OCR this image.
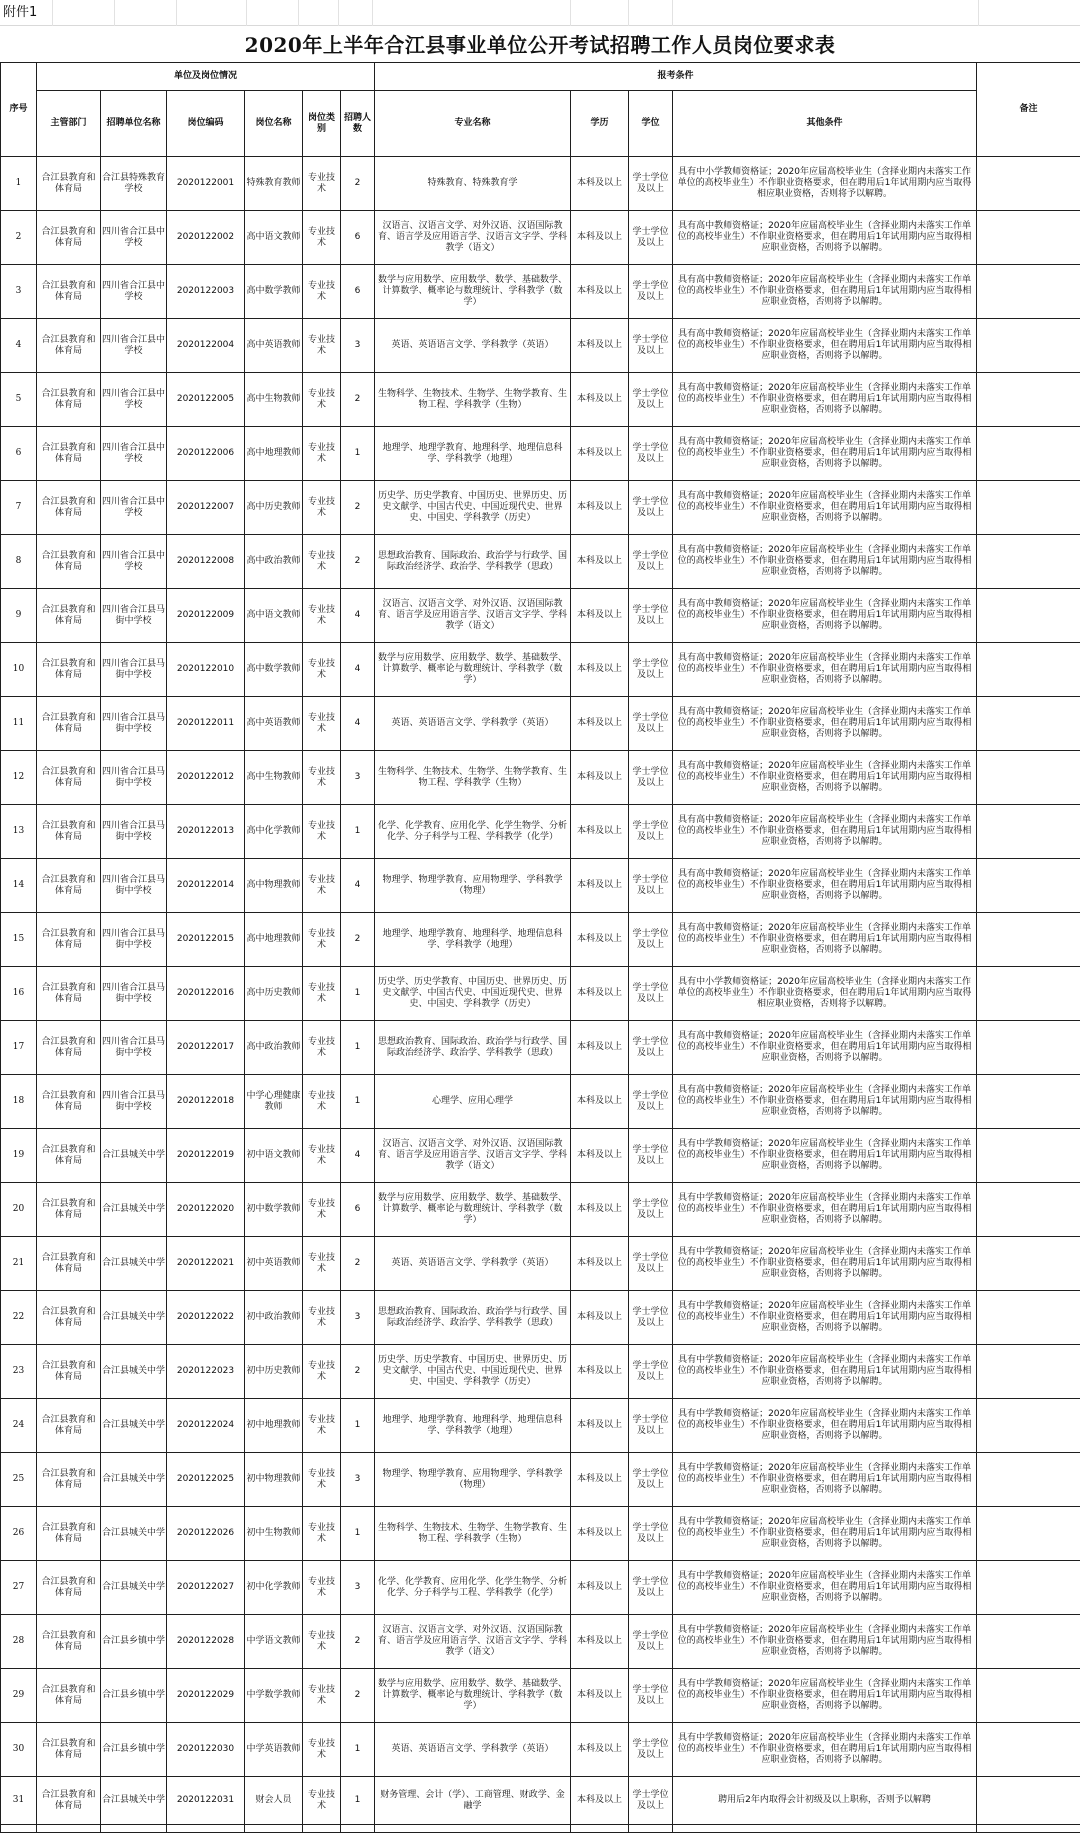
附件1
2020年上半年合江县事业单位公开考试招聘工作人员岗位要求表
序号	单位及岗位情况						报考条件				备注
	主管部门	招聘单位名称	岗位编码	岗位名称	岗位类别	招聘人数	专业名称	学历	学位	其他条件	
1	合江县教育和体育局	合江县特殊教育学校	2020122001	特殊教育教师	专业技术	2	特殊教育、特殊教育学	本科及以上	学士学位及以上	具有中小学教师资格证；2020年应届高校毕业生（含择业期内未落实工作单位的高校毕业生）不作职业资格要求，但在聘用后1年试用期内应当取得相应职业资格，否则将予以解聘。	
2	合江县教育和体育局	四川省合江县中学校	2020122002	高中语文教师	专业技术	6	汉语言、汉语言文学、对外汉语、汉语国际教育、语言学及应用语言学、汉语言文字学、学科教学（语文）	本科及以上	学士学位及以上	具有高中教师资格证；2020年应届高校毕业生（含择业期内未落实工作单位的高校毕业生）不作职业资格要求，但在聘用后1年试用期内应当取得相应职业资格，否则将予以解聘。	
3	合江县教育和体育局	四川省合江县中学校	2020122003	高中数学教师	专业技术	6	数学与应用数学、应用数学、数学、基础数学、计算数学、概率论与数理统计、学科教学（数学）	本科及以上	学士学位及以上	具有高中教师资格证；2020年应届高校毕业生（含择业期内未落实工作单位的高校毕业生）不作职业资格要求，但在聘用后1年试用期内应当取得相应职业资格，否则将予以解聘。	
4	合江县教育和体育局	四川省合江县中学校	2020122004	高中英语教师	专业技术	3	英语、英语语言文学、学科教学（英语）	本科及以上	学士学位及以上	具有高中教师资格证；2020年应届高校毕业生（含择业期内未落实工作单位的高校毕业生）不作职业资格要求，但在聘用后1年试用期内应当取得相应职业资格，否则将予以解聘。	
5	合江县教育和体育局	四川省合江县中学校	2020122005	高中生物教师	专业技术	2	生物科学、生物技术、生物学、生物学教育、生物工程、学科教学（生物）	本科及以上	学士学位及以上	具有高中教师资格证；2020年应届高校毕业生（含择业期内未落实工作单位的高校毕业生）不作职业资格要求，但在聘用后1年试用期内应当取得相应职业资格，否则将予以解聘。	
6	合江县教育和体育局	四川省合江县中学校	2020122006	高中地理教师	专业技术	1	地理学、地理学教育、地理科学、地理信息科学、学科教学（地理）	本科及以上	学士学位及以上	具有高中教师资格证；2020年应届高校毕业生（含择业期内未落实工作单位的高校毕业生）不作职业资格要求，但在聘用后1年试用期内应当取得相应职业资格，否则将予以解聘。	
7	合江县教育和体育局	四川省合江县中学校	2020122007	高中历史教师	专业技术	2	历史学、历史学教育、中国历史、世界历史、历史文献学、中国古代史、中国近现代史、世界史、中国史、学科教学（历史）	本科及以上	学士学位及以上	具有高中教师资格证；2020年应届高校毕业生（含择业期内未落实工作单位的高校毕业生）不作职业资格要求，但在聘用后1年试用期内应当取得相应职业资格，否则将予以解聘。	
8	合江县教育和体育局	四川省合江县中学校	2020122008	高中政治教师	专业技术	2	思想政治教育、国际政治、政治学与行政学、国际政治经济学、政治学、学科教学（思政）	本科及以上	学士学位及以上	具有高中教师资格证；2020年应届高校毕业生（含择业期内未落实工作单位的高校毕业生）不作职业资格要求，但在聘用后1年试用期内应当取得相应职业资格，否则将予以解聘。	
9	合江县教育和体育局	四川省合江县马街中学校	2020122009	高中语文教师	专业技术	4	汉语言、汉语言文学、对外汉语、汉语国际教育、语言学及应用语言学、汉语言文字学、学科教学（语文）	本科及以上	学士学位及以上	具有高中教师资格证；2020年应届高校毕业生（含择业期内未落实工作单位的高校毕业生）不作职业资格要求，但在聘用后1年试用期内应当取得相应职业资格，否则将予以解聘。	
10	合江县教育和体育局	四川省合江县马街中学校	2020122010	高中数学教师	专业技术	4	数学与应用数学、应用数学、数学、基础数学、计算数学、概率论与数理统计、学科教学（数学）	本科及以上	学士学位及以上	具有高中教师资格证；2020年应届高校毕业生（含择业期内未落实工作单位的高校毕业生）不作职业资格要求，但在聘用后1年试用期内应当取得相应职业资格，否则将予以解聘。	
11	合江县教育和体育局	四川省合江县马街中学校	2020122011	高中英语教师	专业技术	4	英语、英语语言文学、学科教学（英语）	本科及以上	学士学位及以上	具有高中教师资格证；2020年应届高校毕业生（含择业期内未落实工作单位的高校毕业生）不作职业资格要求，但在聘用后1年试用期内应当取得相应职业资格，否则将予以解聘。	
12	合江县教育和体育局	四川省合江县马街中学校	2020122012	高中生物教师	专业技术	3	生物科学、生物技术、生物学、生物学教育、生物工程、学科教学（生物）	本科及以上	学士学位及以上	具有高中教师资格证；2020年应届高校毕业生（含择业期内未落实工作单位的高校毕业生）不作职业资格要求，但在聘用后1年试用期内应当取得相应职业资格，否则将予以解聘。	
13	合江县教育和体育局	四川省合江县马街中学校	2020122013	高中化学教师	专业技术	1	化学、化学教育、应用化学、化学生物学、分析化学、分子科学与工程、学科教学（化学）	本科及以上	学士学位及以上	具有高中教师资格证；2020年应届高校毕业生（含择业期内未落实工作单位的高校毕业生）不作职业资格要求，但在聘用后1年试用期内应当取得相应职业资格，否则将予以解聘。	
14	合江县教育和体育局	四川省合江县马街中学校	2020122014	高中物理教师	专业技术	4	物理学、物理学教育、应用物理学、学科教学（物理）	本科及以上	学士学位及以上	具有高中教师资格证；2020年应届高校毕业生（含择业期内未落实工作单位的高校毕业生）不作职业资格要求，但在聘用后1年试用期内应当取得相应职业资格，否则将予以解聘。	
15	合江县教育和体育局	四川省合江县马街中学校	2020122015	高中地理教师	专业技术	2	地理学、地理学教育、地理科学、地理信息科学、学科教学（地理）	本科及以上	学士学位及以上	具有高中教师资格证；2020年应届高校毕业生（含择业期内未落实工作单位的高校毕业生）不作职业资格要求，但在聘用后1年试用期内应当取得相应职业资格，否则将予以解聘。	
16	合江县教育和体育局	四川省合江县马街中学校	2020122016	高中历史教师	专业技术	1	历史学、历史学教育、中国历史、世界历史、历史文献学、中国古代史、中国近现代史、世界史、中国史、学科教学（历史）	本科及以上	学士学位及以上	具有中小学教师资格证；2020年应届高校毕业生（含择业期内未落实工作单位的高校毕业生）不作职业资格要求，但在聘用后1年试用期内应当取得相应职业资格，否则将予以解聘。	
17	合江县教育和体育局	四川省合江县马街中学校	2020122017	高中政治教师	专业技术	1	思想政治教育、国际政治、政治学与行政学、国际政治经济学、政治学、学科教学（思政）	本科及以上	学士学位及以上	具有高中教师资格证；2020年应届高校毕业生（含择业期内未落实工作单位的高校毕业生）不作职业资格要求，但在聘用后1年试用期内应当取得相应职业资格，否则将予以解聘。	
18	合江县教育和体育局	四川省合江县马街中学校	2020122018	中学心理健康教师	专业技术	1	心理学、应用心理学	本科及以上	学士学位及以上	具有高中教师资格证；2020年应届高校毕业生（含择业期内未落实工作单位的高校毕业生）不作职业资格要求，但在聘用后1年试用期内应当取得相应职业资格，否则将予以解聘。	
19	合江县教育和体育局	合江县城关中学	2020122019	初中语文教师	专业技术	4	汉语言、汉语言文学、对外汉语、汉语国际教育、语言学及应用语言学、汉语言文字学、学科教学（语文）	本科及以上	学士学位及以上	具有中学教师资格证；2020年应届高校毕业生（含择业期内未落实工作单位的高校毕业生）不作职业资格要求，但在聘用后1年试用期内应当取得相应职业资格，否则将予以解聘。	
20	合江县教育和体育局	合江县城关中学	2020122020	初中数学教师	专业技术	6	数学与应用数学、应用数学、数学、基础数学、计算数学、概率论与数理统计、学科教学（数学）	本科及以上	学士学位及以上	具有中学教师资格证；2020年应届高校毕业生（含择业期内未落实工作单位的高校毕业生）不作职业资格要求，但在聘用后1年试用期内应当取得相应职业资格，否则将予以解聘。	
21	合江县教育和体育局	合江县城关中学	2020122021	初中英语教师	专业技术	2	英语、英语语言文学、学科教学（英语）	本科及以上	学士学位及以上	具有中学教师资格证；2020年应届高校毕业生（含择业期内未落实工作单位的高校毕业生）不作职业资格要求，但在聘用后1年试用期内应当取得相应职业资格，否则将予以解聘。	
22	合江县教育和体育局	合江县城关中学	2020122022	初中政治教师	专业技术	3	思想政治教育、国际政治、政治学与行政学、国际政治经济学、政治学、学科教学（思政）	本科及以上	学士学位及以上	具有中学教师资格证；2020年应届高校毕业生（含择业期内未落实工作单位的高校毕业生）不作职业资格要求，但在聘用后1年试用期内应当取得相应职业资格，否则将予以解聘。	
23	合江县教育和体育局	合江县城关中学	2020122023	初中历史教师	专业技术	2	历史学、历史学教育、中国历史、世界历史、历史文献学、中国古代史、中国近现代史、世界史、中国史、学科教学（历史）	本科及以上	学士学位及以上	具有中学教师资格证；2020年应届高校毕业生（含择业期内未落实工作单位的高校毕业生）不作职业资格要求，但在聘用后1年试用期内应当取得相应职业资格，否则将予以解聘。	
24	合江县教育和体育局	合江县城关中学	2020122024	初中地理教师	专业技术	1	地理学、地理学教育、地理科学、地理信息科学、学科教学（地理）	本科及以上	学士学位及以上	具有中学教师资格证；2020年应届高校毕业生（含择业期内未落实工作单位的高校毕业生）不作职业资格要求，但在聘用后1年试用期内应当取得相应职业资格，否则将予以解聘。	
25	合江县教育和体育局	合江县城关中学	2020122025	初中物理教师	专业技术	3	物理学、物理学教育、应用物理学、学科教学（物理）	本科及以上	学士学位及以上	具有中学教师资格证；2020年应届高校毕业生（含择业期内未落实工作单位的高校毕业生）不作职业资格要求，但在聘用后1年试用期内应当取得相应职业资格，否则将予以解聘。	
26	合江县教育和体育局	合江县城关中学	2020122026	初中生物教师	专业技术	1	生物科学、生物技术、生物学、生物学教育、生物工程、学科教学（生物）	本科及以上	学士学位及以上	具有中学教师资格证；2020年应届高校毕业生（含择业期内未落实工作单位的高校毕业生）不作职业资格要求，但在聘用后1年试用期内应当取得相应职业资格，否则将予以解聘。	
27	合江县教育和体育局	合江县城关中学	2020122027	初中化学教师	专业技术	3	化学、化学教育、应用化学、化学生物学、分析化学、分子科学与工程、学科教学（化学）	本科及以上	学士学位及以上	具有中学教师资格证；2020年应届高校毕业生（含择业期内未落实工作单位的高校毕业生）不作职业资格要求，但在聘用后1年试用期内应当取得相应职业资格，否则将予以解聘。	
28	合江县教育和体育局	合江县乡镇中学	2020122028	中学语文教师	专业技术	2	汉语言、汉语言文学、对外汉语、汉语国际教育、语言学及应用语言学、汉语言文字学、学科教学（语文）	本科及以上	学士学位及以上	具有中学教师资格证；2020年应届高校毕业生（含择业期内未落实工作单位的高校毕业生）不作职业资格要求，但在聘用后1年试用期内应当取得相应职业资格，否则将予以解聘。	
29	合江县教育和体育局	合江县乡镇中学	2020122029	中学数学教师	专业技术	2	数学与应用数学、应用数学、数学、基础数学、计算数学、概率论与数理统计、学科教学（数学）	本科及以上	学士学位及以上	具有中学教师资格证；2020年应届高校毕业生（含择业期内未落实工作单位的高校毕业生）不作职业资格要求，但在聘用后1年试用期内应当取得相应职业资格，否则将予以解聘。	
30	合江县教育和体育局	合江县乡镇中学	2020122030	中学英语教师	专业技术	1	英语、英语语言文学、学科教学（英语）	本科及以上	学士学位及以上	具有中学教师资格证；2020年应届高校毕业生（含择业期内未落实工作单位的高校毕业生）不作职业资格要求，但在聘用后1年试用期内应当取得相应职业资格，否则将予以解聘。	
31	合江县教育和体育局	合江县城关中学	2020122031	财会人员	专业技术	1	财务管理、会计（学）、工商管理、财政学、金融学	本科及以上	学士学位及以上	聘用后2年内取得会计初级及以上职称，否则予以解聘	
